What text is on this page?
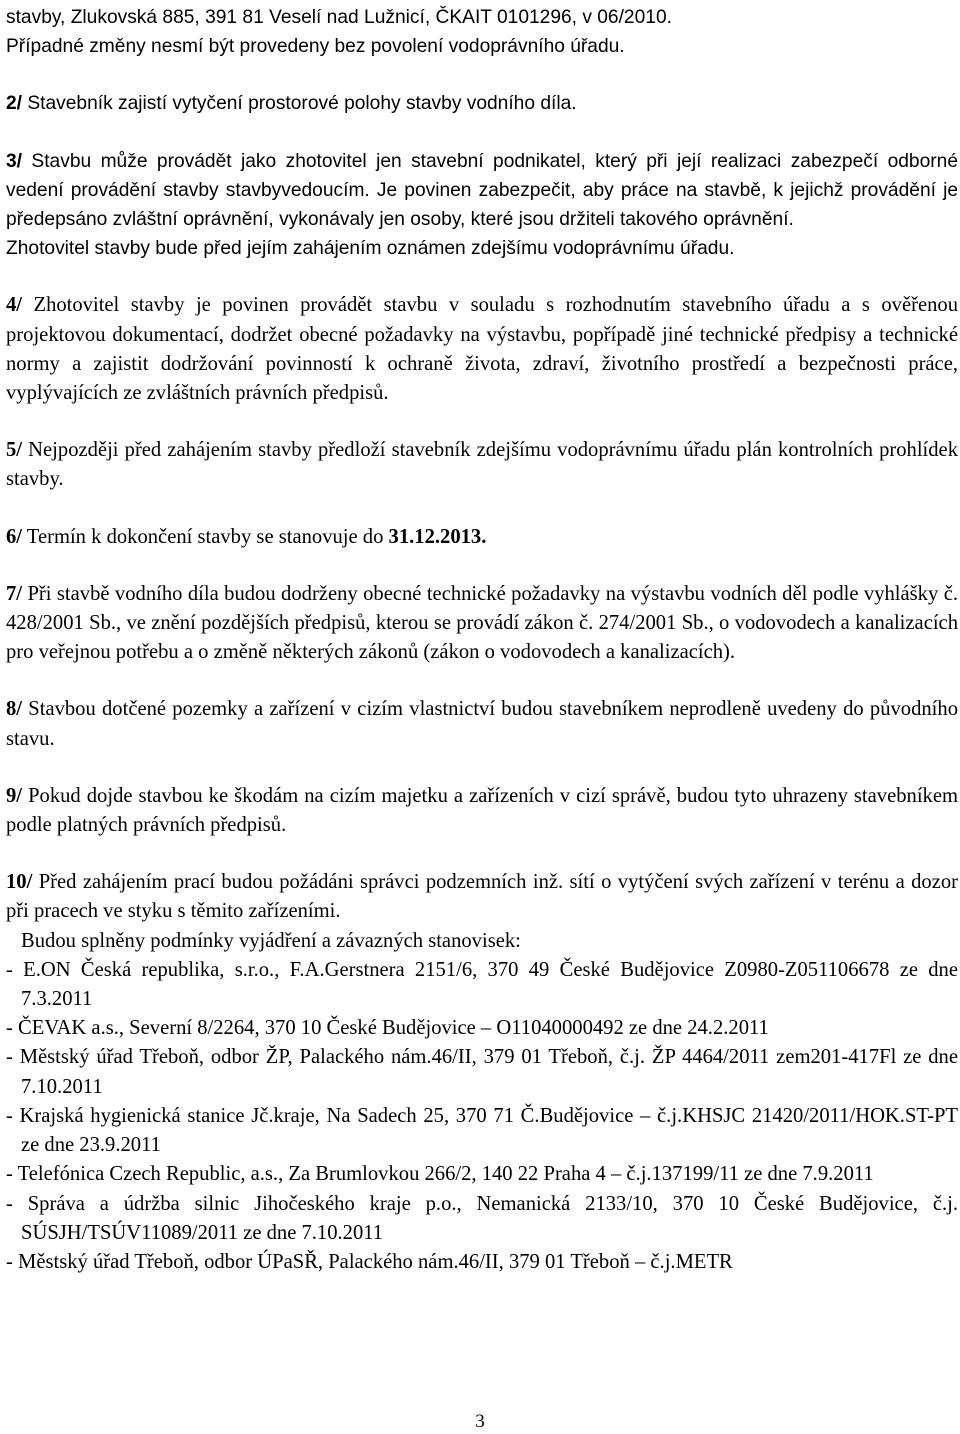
stavby, Zlukovská 885, 391 81 Veselí nad Lužnicí, ČKAIT 0101296, v 06/2010.

Případné změny nesmí být provedeny bez povolení vodoprávního úřadu.

2/ Stavebník zajistí vytyčení prostorové polohy stavby vodního díla.

3/ Stavbu může provádět jako zhotovitel jen stavební podnikatel, který při její realizaci zabezpečí odborné vedení provádění stavby stavbyvedoucím. Je povinen zabezpečit, aby práce na stavbě, k jejichž provádění je předepsáno zvláštní oprávnění, vykonávaly jen osoby, které jsou držiteli takového oprávnění.

Zhotovitel stavby bude před jejím zahájením oznámen zdejšímu vodoprávnímu úřadu.

4/ Zhotovitel stavby je povinen provádět stavbu v souladu s rozhodnutím stavebního úřadu a s ověřenou projektovou dokumentací, dodržet obecné požadavky na výstavbu, popřípadě jiné technické předpisy a technické normy a zajistit dodržování povinností k ochraně života, zdraví, životního prostředí a bezpečnosti práce, vyplývajících ze zvláštních právních předpisů.

5/ Nejpozději před zahájením stavby předloží stavebník zdejšímu vodoprávnímu úřadu plán kontrolních prohlídek stavby.

6/ Termín k dokončení stavby se stanovuje do 31.12.2013.

7/ Při stavbě vodního díla budou dodrženy obecné technické požadavky na výstavbu vodních děl podle vyhlášky č. 428/2001 Sb., ve znění pozdějších předpisů, kterou se provádí zákon č. 274/2001 Sb., o vodovodech a kanalizacích pro veřejnou potřebu a o změně některých zákonů (zákon o vodovodech a kanalizacích).

8/ Stavbou dotčené pozemky a zařízení v cizím vlastnictví budou stavebníkem neprodleně uvedeny do původního stavu.

9/ Pokud dojde stavbou ke škodám na cizím majetku a zařízeních v cizí správě, budou tyto uhrazeny stavebníkem podle platných právních předpisů.

10/ Před zahájením prací budou požádáni správci podzemních inž. sítí o vytýčení svých zařízení v terénu a dozor při pracech ve styku s těmito zařízeními.

Budou splněny podmínky vyjádření a závazných stanovisek:

- E.ON Česká republika, s.r.o., F.A.Gerstnera 2151/6, 370 49 České Budějovice Z0980-Z051106678 ze dne 7.3.2011

- ČEVAK a.s., Severní 8/2264, 370 10 České Budějovice – O11040000492 ze dne 24.2.2011

- Městský úřad Třeboň, odbor ŽP, Palackého nám.46/II, 379 01 Třeboň, č.j. ŽP 4464/2011 zem201-417Fl ze dne 7.10.2011

- Krajská hygienická stanice Jč.kraje, Na Sadech 25, 370 71 Č.Budějovice – č.j.KHSJC 21420/2011/HOK.ST-PT ze dne 23.9.2011

- Telefónica Czech Republic, a.s., Za Brumlovkou 266/2, 140 22 Praha 4 – č.j.137199/11 ze dne 7.9.2011

- Správa a údržba silnic Jihočeského kraje p.o., Nemanická 2133/10, 370 10 České Budějovice, č.j. SÚSJH/TSÚV11089/2011 ze dne 7.10.2011

- Městský úřad Třeboň, odbor ÚPaSŘ, Palackého nám.46/II, 379 01 Třeboň – č.j.METR

3
